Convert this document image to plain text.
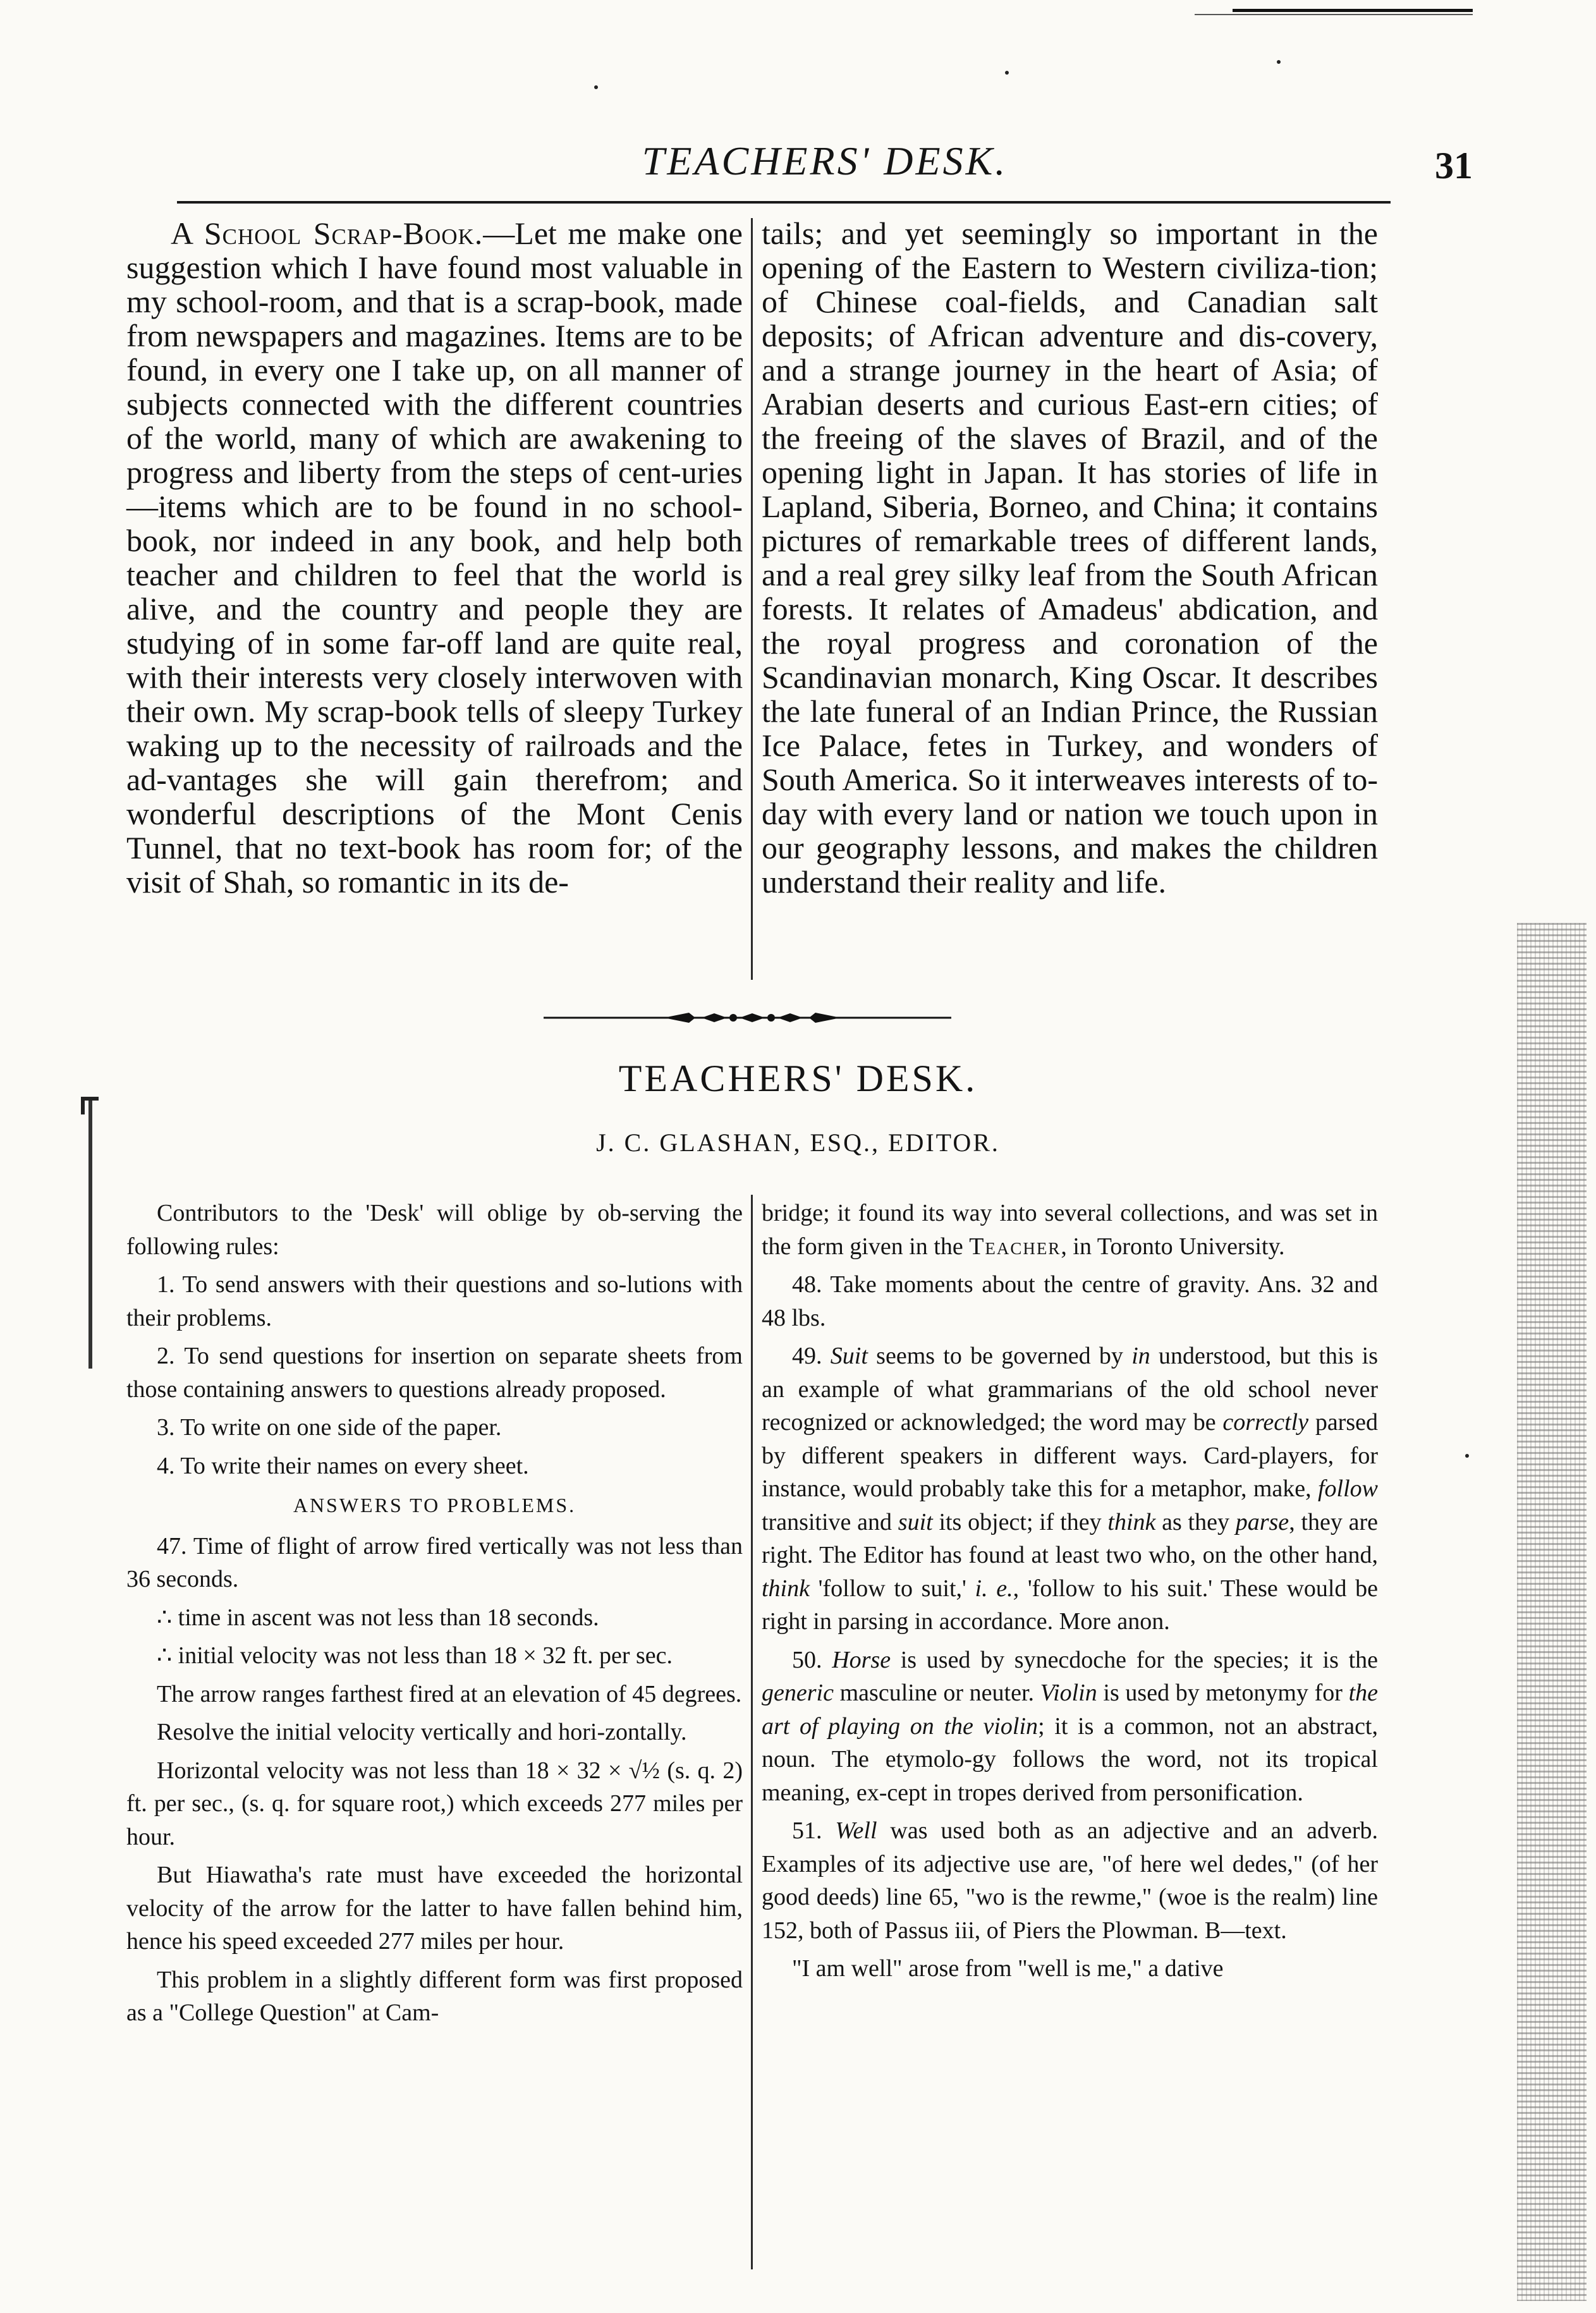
TEACHERS' DESK.	31

A School Scrap-Book.—Let me make one suggestion which I have found most valuable in my school-room, and that is a scrap-book, made from newspapers and magazines. Items are to be found, in every one I take up, on all manner of subjects connected with the different countries of the world, many of which are awakening to progress and liberty from the steps of cent-uries—items which are to be found in no school-book, nor indeed in any book, and help both teacher and children to feel that the world is alive, and the country and people they are studying of in some far-off land are quite real, with their interests very closely interwoven with their own. My scrap-book tells of sleepy Turkey waking up to the necessity of railroads and the ad-vantages she will gain therefrom; and wonderful descriptions of the Mont Cenis Tunnel, that no text-book has room for; of the visit of Shah, so romantic in its de-

tails; and yet seemingly so important in the opening of the Eastern to Western civiliza-tion; of Chinese coal-fields, and Canadian salt deposits; of African adventure and dis-covery, and a strange journey in the heart of Asia; of Arabian deserts and curious East-ern cities; of the freeing of the slaves of Brazil, and of the opening light in Japan. It has stories of life in Lapland, Siberia, Borneo, and China; it contains pictures of remarkable trees of different lands, and a real grey silky leaf from the South African forests. It relates of Amadeus' abdication, and the royal progress and coronation of the Scandinavian monarch, King Oscar. It describes the late funeral of an Indian Prince, the Russian Ice Palace, fetes in Turkey, and wonders of South America. So it interweaves interests of to-day with every land or nation we touch upon in our geography lessons, and makes the children understand their reality and life.

TEACHERS' DESK.
J. C. GLASHAN, ESQ., EDITOR.

Contributors to the 'Desk' will oblige by ob-serving the following rules:

1. To send answers with their questions and so-lutions with their problems.

2. To send questions for insertion on separate sheets from those containing answers to questions already proposed.

3. To write on one side of the paper.

4. To write their names on every sheet.

ANSWERS TO PROBLEMS.

47. Time of flight of arrow fired vertically was not less than 36 seconds.

∴ time in ascent was not less than 18 seconds.

∴ initial velocity was not less than 18 × 32 ft. per sec.

The arrow ranges farthest fired at an elevation of 45 degrees.

Resolve the initial velocity vertically and hori-zontally.

Horizontal velocity was not less than 18 × 32 × √½ (s. q. 2) ft. per sec., (s. q. for square root,) which exceeds 277 miles per hour.

But Hiawatha's rate must have exceeded the horizontal velocity of the arrow for the latter to have fallen behind him, hence his speed exceeded 277 miles per hour.

This problem in a slightly different form was first proposed as a "College Question" at Cam-

bridge; it found its way into several collections, and was set in the form given in the Teacher, in Toronto University.

48. Take moments about the centre of gravity. Ans. 32 and 48 lbs.

49. Suit seems to be governed by in understood, but this is an example of what grammarians of the old school never recognized or acknowledged; the word may be correctly parsed by different speakers in different ways. Card-players, for instance, would probably take this for a metaphor, make, follow transitive and suit its object; if they think as they parse, they are right. The Editor has found at least two who, on the other hand, think 'follow to suit,' i. e., 'follow to his suit.' These would be right in parsing in accordance. More anon.

50. Horse is used by synecdoche for the species; it is the generic masculine or neuter. Violin is used by metonymy for the art of playing on the violin; it is a common, not an abstract, noun. The etymolo-gy follows the word, not its tropical meaning, ex-cept in tropes derived from personification.

51. Well was used both as an adjective and an adverb. Examples of its adjective use are, "of here wel dedes," (of her good deeds) line 65, "wo is the rewme," (woe is the realm) line 152, both of Passus iii, of Piers the Plowman. B—text.

"I am well" arose from "well is me," a dative
